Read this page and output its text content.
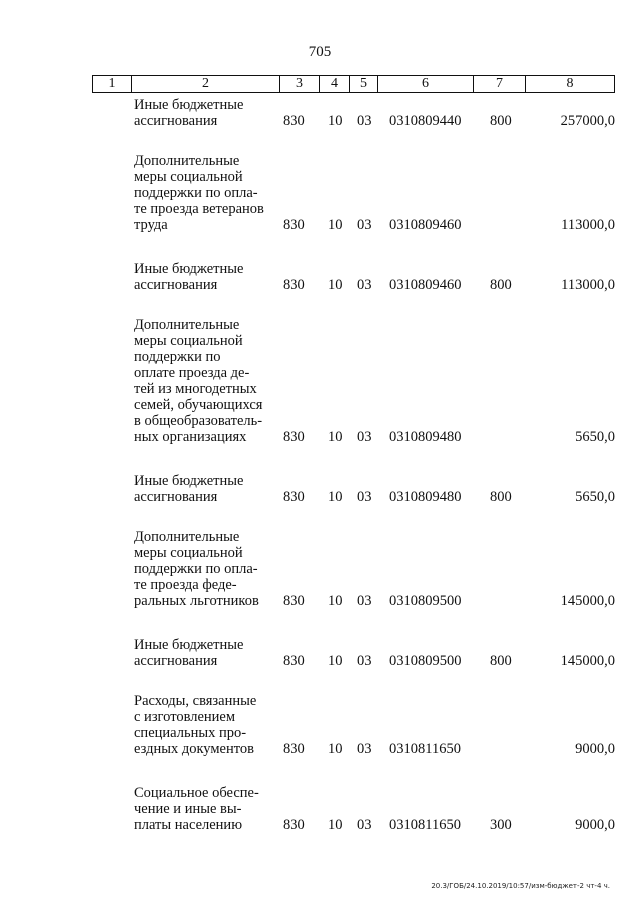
705
1	2	3	4	5	6	7	8
Иные бюджетные
ассигнования	830 10 03 0310809440 800	257000,0
Дополнительные
меры социальной
поддержки по опла-
те проезда ветеранов
труда	830 10 03 0310809460	113000,0
Иные бюджетные
ассигнования	830 10 03 0310809460 800	113000,0
Дополнительные
меры социальной
поддержки по
оплате проезда де-
тей из многодетных
семей, обучающихся
в общеобразователь-
ных организациях	830 10 03 0310809480	5650,0
Иные бюджетные
ассигнования	830 10 03 0310809480 800	5650,0
Дополнительные
меры социальной
поддержки по опла-
те проезда феде-
ральных льготников	830 10 03 0310809500	145000,0
Иные бюджетные
ассигнования	830 10 03 0310809500 800	145000,0
Расходы, связанные
с изготовлением
специальных про-
ездных документов	830 10 03 0310811650	9000,0
Социальное обеспе-
чение и иные вы-
платы населению	830 10 03 0310811650 300	9000,0
20.3/ГОБ/24.10.2019/10:57/изм-бюджет-2 чт-4 ч.
